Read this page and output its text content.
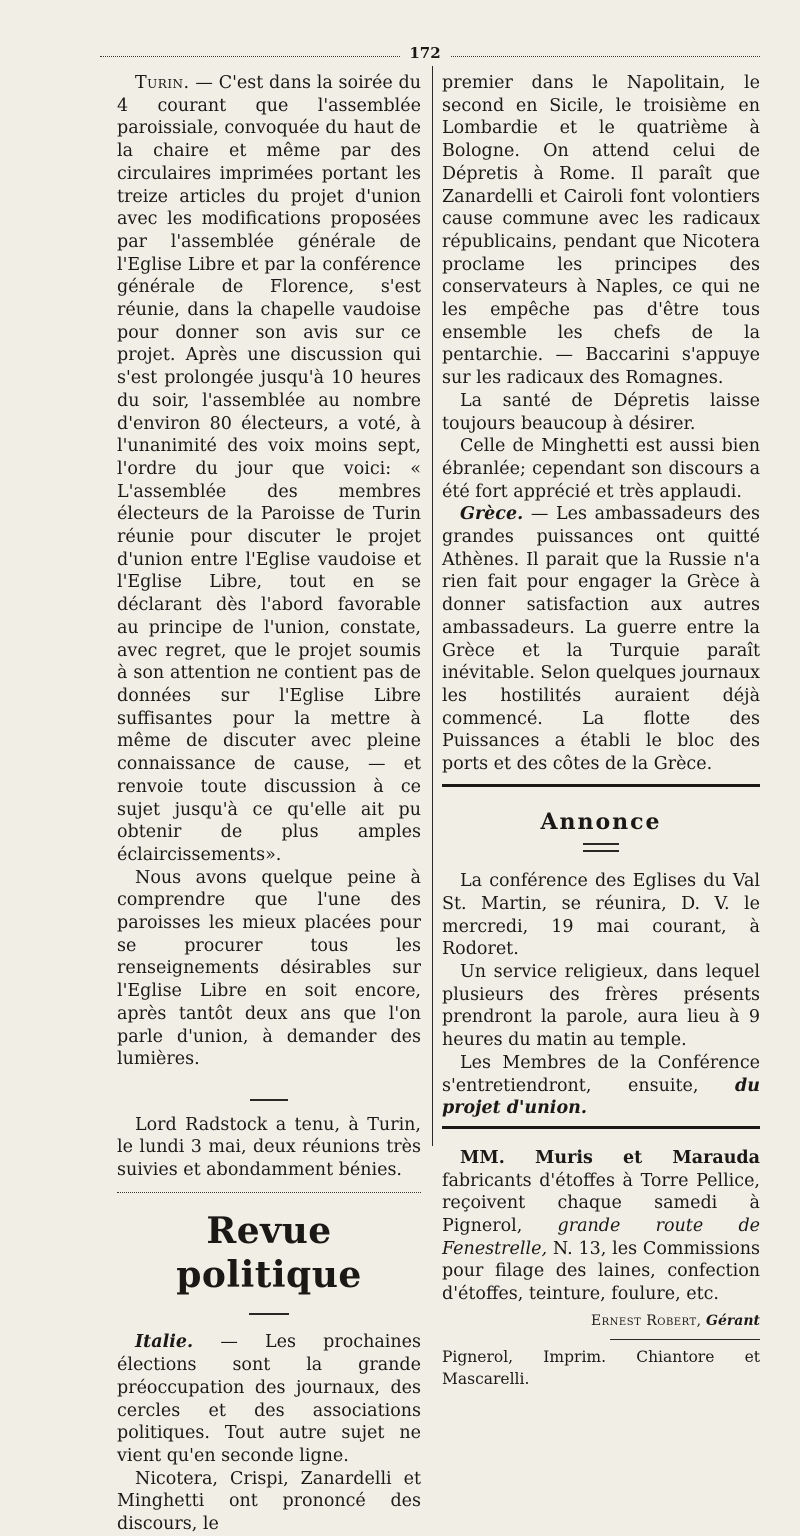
172

Turin. — C'est dans la soirée du 4 courant que l'assemblée paroissiale, convoquée du haut de la chaire et même par des circulaires imprimées portant les treize articles du projet d'union avec les modifications proposées par l'assemblée générale de l'Eglise Libre et par la conférence générale de Florence, s'est réunie, dans la chapelle vaudoise pour donner son avis sur ce projet. Après une discussion qui s'est prolongée jusqu'à 10 heures du soir, l'assemblée au nombre d'environ 80 électeurs, a voté, à l'unanimité des voix moins sept, l'ordre du jour que voici: « L'assemblée des membres électeurs de la Paroisse de Turin réunie pour discuter le projet d'union entre l'Eglise vaudoise et l'Eglise Libre, tout en se déclarant dès l'abord favorable au principe de l'union, constate, avec regret, que le projet soumis à son attention ne contient pas de données sur l'Eglise Libre suffisantes pour la mettre à même de discuter avec pleine connaissance de cause, — et renvoie toute discussion à ce sujet jusqu'à ce qu'elle ait pu obtenir de plus amples éclaircissements».

Nous avons quelque peine à comprendre que l'une des paroisses les mieux placées pour se procurer tous les renseignements désirables sur l'Eglise Libre en soit encore, après tantôt deux ans que l'on parle d'union, à demander des lumières.

Lord Radstock a tenu, à Turin, le lundi 3 mai, deux réunions très suivies et abondamment bénies.

Revue politique

Italie. — Les prochaines élections sont la grande préoccupation des journaux, des cercles et des associations politiques. Tout autre sujet ne vient qu'en seconde ligne.

Nicotera, Crispi, Zanardelli et Minghetti ont prononcé des discours, le

premier dans le Napolitain, le second en Sicile, le troisième en Lombardie et le quatrième à Bologne. On attend celui de Dépretis à Rome. Il paraît que Zanardelli et Cairoli font volontiers cause commune avec les radicaux républicains, pendant que Nicotera proclame les principes des conservateurs à Naples, ce qui ne les empêche pas d'être tous ensemble les chefs de la pentarchie. — Baccarini s'appuye sur les radicaux des Romagnes.

La santé de Dépretis laisse toujours beaucoup à désirer.

Celle de Minghetti est aussi bien ébranlée; cependant son discours a été fort apprécié et très applaudi.

Grèce. — Les ambassadeurs des grandes puissances ont quitté Athènes. Il parait que la Russie n'a rien fait pour engager la Grèce à donner satisfaction aux autres ambassadeurs. La guerre entre la Grèce et la Turquie paraît inévitable. Selon quelques journaux les hostilités auraient déjà commencé. La flotte des Puissances a établi le bloc des ports et des côtes de la Grèce.

Annonce

La conférence des Eglises du Val St. Martin, se réunira, D. V. le mercredi, 19 mai courant, à Rodoret.

Un service religieux, dans lequel plusieurs des frères présents prendront la parole, aura lieu à 9 heures du matin au temple.

Les Membres de la Conférence s'entretiendront, ensuite, du projet d'union.

MM. Muris et Marauda fabricants d'étoffes à Torre Pellice, reçoivent chaque samedi à Pignerol, grande route de Fenestrelle, N. 13, les Commissions pour filage des laines, confection d'étoffes, teinture, foulure, etc.

Ernest Robert, Gérant

Pignerol, Imprim. Chiantore et Mascarelli.
